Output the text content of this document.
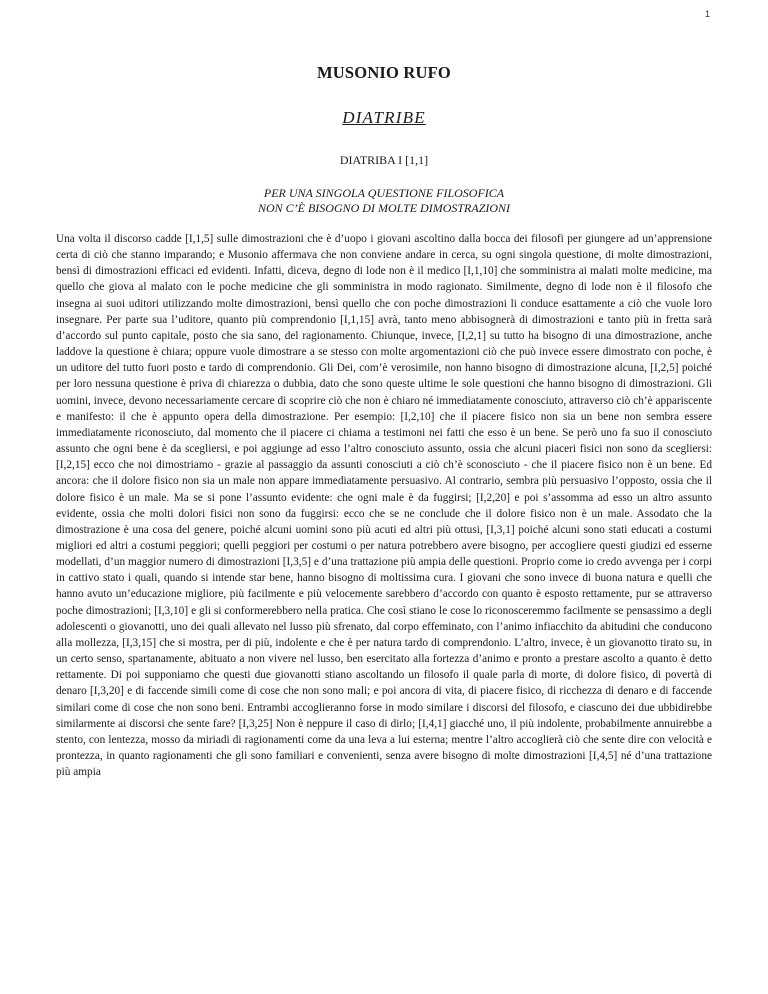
1
MUSONIO RUFO
DIATRIBE
DIATRIBA I [1,1]
PER UNA SINGOLA QUESTIONE FILOSOFICA
NON C’È BISOGNO DI MOLTE DIMOSTRAZIONI

Una volta il discorso cadde [I,1,5] sulle dimostrazioni che è d’uopo i giovani ascoltino dalla bocca dei filosofi per giungere ad un’apprensione certa di ciò che stanno imparando; e Musonio affermava che non conviene andare in cerca, su ogni singola questione, di molte dimostrazioni, bensì di dimostrazioni efficaci ed evidenti. Infatti, diceva, degno di lode non è il medico [I,1,10] che somministra ai malati molte medicine, ma quello che giova al malato con le poche medicine che gli somministra in modo ragionato. Similmente, degno di lode non è il filosofo che insegna ai suoi uditori utilizzando molte dimostrazioni, bensì quello che con poche dimostrazioni li conduce esattamente a ciò che vuole loro insegnare. Per parte sua l’uditore, quanto più comprendonio [I,1,15] avrà, tanto meno abbisognerà di dimostrazioni e tanto più in fretta sarà d’accordo sul punto capitale, posto che sia sano, del ragionamento. Chiunque, invece, [I,2,1] su tutto ha bisogno di una dimostrazione, anche laddove la questione è chiara; oppure vuole dimostrare a se stesso con molte argomentazioni ciò che può invece essere dimostrato con poche, è un uditore del tutto fuori posto e tardo di comprendonio. Gli Dei, com’è verosimile, non hanno bisogno di dimostrazione alcuna, [I,2,5] poiché per loro nessuna questione è priva di chiarezza o dubbia, dato che sono queste ultime le sole questioni che hanno bisogno di dimostrazioni. Gli uomini, invece, devono necessariamente cercare di scoprire ciò che non è chiaro né immediatamente conosciuto, attraverso ciò ch’è appariscente e manifesto: il che è appunto opera della dimostrazione. Per esempio: [I,2,10] che il piacere fisico non sia un bene non sembra essere immediatamente riconosciuto, dal momento che il piacere ci chiama a testimoni nei fatti che esso è un bene. Se però uno fa suo il conosciuto assunto che ogni bene è da scegliersi, e poi aggiunge ad esso l’altro conosciuto assunto, ossia che alcuni piaceri fisici non sono da scegliersi: [I,2,15] ecco che noi dimostriamo - grazie al passaggio da assunti conosciuti a ciò ch’è sconosciuto - che il piacere fisico non è un bene. Ed ancora: che il dolore fisico non sia un male non appare immediatamente persuasivo. Al contrario, sembra più persuasivo l’opposto, ossia che il dolore fisico è un male. Ma se si pone l’assunto evidente: che ogni male è da fuggirsi; [I,2,20] e poi s’assomma ad esso un altro assunto evidente, ossia che molti dolori fisici non sono da fuggirsi: ecco che se ne conclude che il dolore fisico non è un male. Assodato che la dimostrazione è una cosa del genere, poiché alcuni uomini sono più acuti ed altri più ottusi, [I,3,1] poiché alcuni sono stati educati a costumi migliori ed altri a costumi peggiori; quelli peggiori per costumi o per natura potrebbero avere bisogno, per accogliere questi giudizi ed esserne modellati, d’un maggior numero di dimostrazioni [I,3,5] e d’una trattazione più ampia delle questioni. Proprio come io credo avvenga per i corpi in cattivo stato i quali, quando si intende star bene, hanno bisogno di moltissima cura. I giovani che sono invece di buona natura e quelli che hanno avuto un’educazione migliore, più facilmente e più velocemente sarebbero d’accordo con quanto è esposto rettamente, pur se attraverso poche dimostrazioni; [I,3,10] e gli si conformerebbero nella pratica. Che così stiano le cose lo riconosceremmo facilmente se pensassimo a degli adolescenti o giovanotti, uno dei quali allevato nel lusso più sfrenato, dal corpo effeminato, con l’animo infiacchito da abitudini che conducono alla mollezza, [I,3,15] che si mostra, per di più, indolente e che è per natura tardo di comprendonio. L’altro, invece, è un giovanotto tirato su, in un certo senso, spartanamente, abituato a non vivere nel lusso, ben esercitato alla fortezza d’animo e pronto a prestare ascolto a quanto è detto rettamente. Di poi supponiamo che questi due giovanotti stiano ascoltando un filosofo il quale parla di morte, di dolore fisico, di povertà di denaro [I,3,20] e di faccende simili come di cose che non sono mali; e poi ancora di vita, di piacere fisico, di ricchezza di denaro e di faccende similari come di cose che non sono beni. Entrambi accoglieranno forse in modo similare i discorsi del filosofo, e ciascuno dei due ubbidirebbe similarmente ai discorsi che sente fare? [I,3,25] Non è neppure il caso di dirlo; [I,4,1] giacché uno, il più indolente, probabilmente annuirebbe a stento, con lentezza, mosso da miriadi di ragionamenti come da una leva a lui esterna; mentre l’altro accoglierà ciò che sente dire con velocità e prontezza, in quanto ragionamenti che gli sono familiari e convenienti, senza avere bisogno di molte dimostrazioni [I,4,5] né d’una trattazione più ampia
